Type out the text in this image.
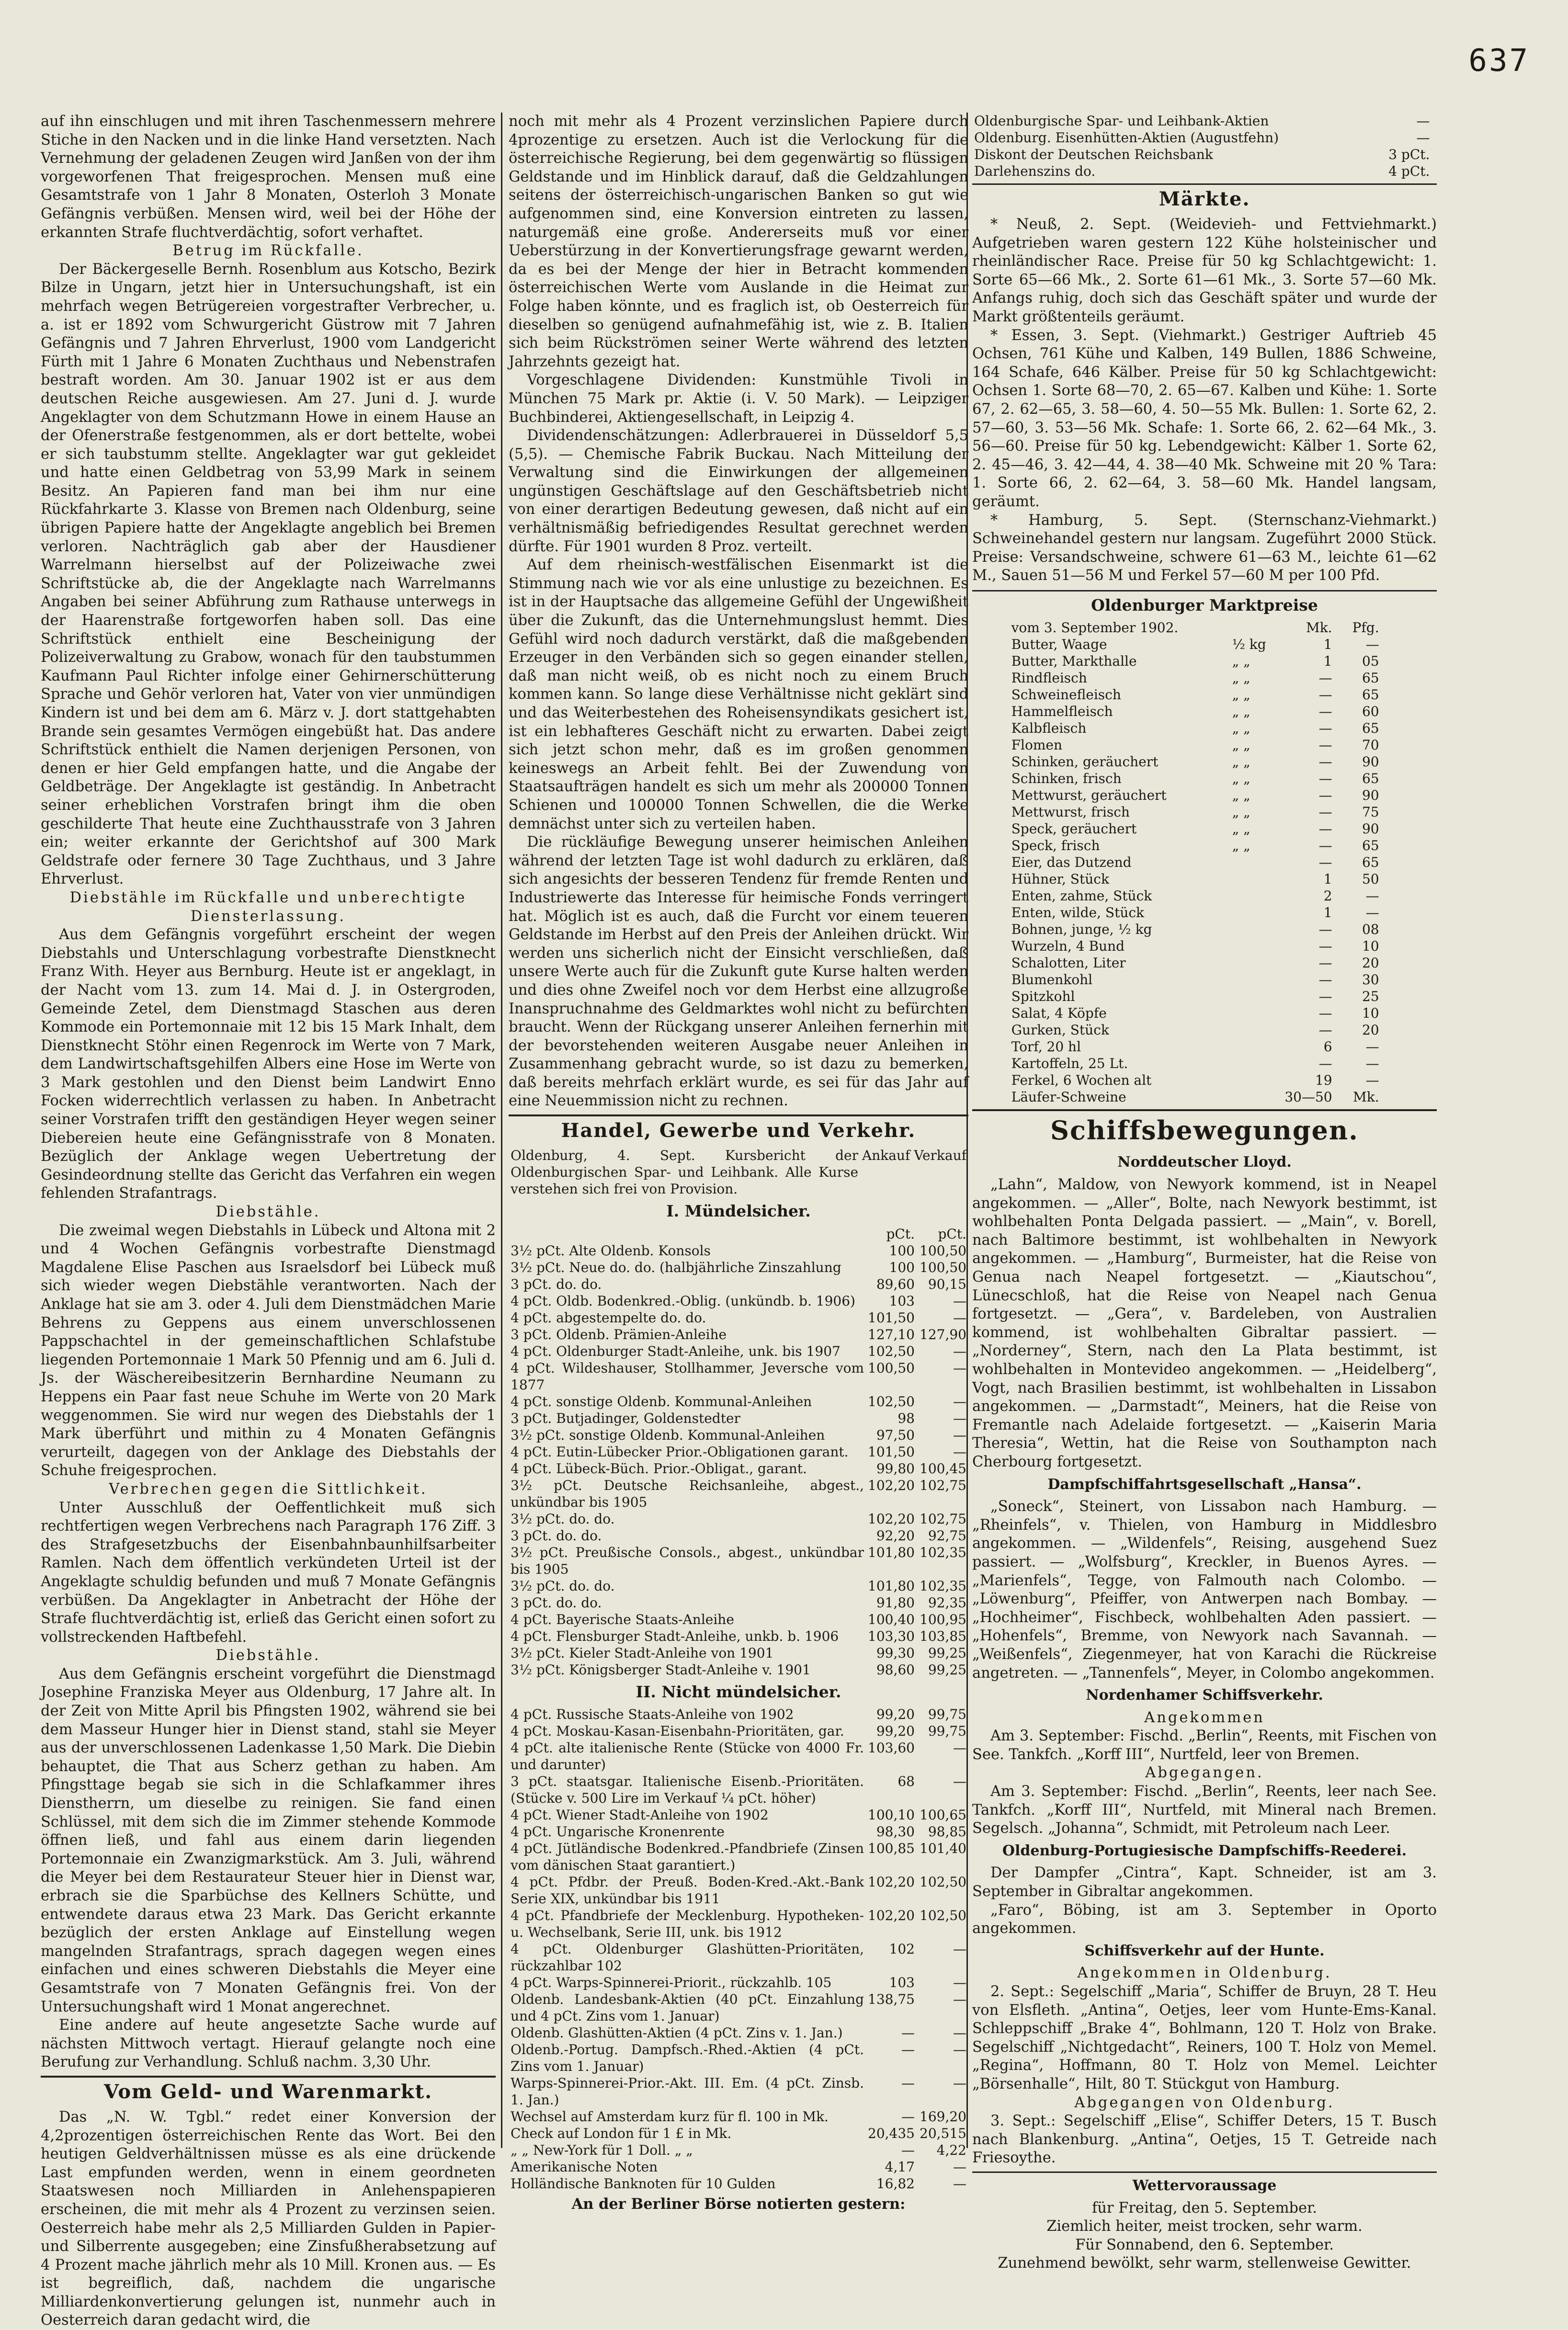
637

auf ihn einschlugen und mit ihren Taschenmessern mehrere Stiche in den Nacken und in die linke Hand versetzten. Nach Vernehmung der geladenen Zeugen wird Janßen von der ihm vorgeworfenen That freigesprochen. Mensen muß eine Gesamtstrafe von 1 Jahr 8 Monaten, Osterloh 3 Monate Gefängnis verbüßen. Mensen wird, weil bei der Höhe der erkannten Strafe fluchtverdächtig, sofort verhaftet.

Betrug im Rückfalle.

Der Bäckergeselle Bernh. Rosenblum aus Kotscho, Bezirk Bilze in Ungarn, jetzt hier in Untersuchungshaft, ist ein mehrfach wegen Betrügereien vorgestrafter Verbrecher, u. a. ist er 1892 vom Schwurgericht Güstrow mit 7 Jahren Gefängnis und 7 Jahren Ehrverlust, 1900 vom Landgericht Fürth mit 1 Jahre 6 Monaten Zuchthaus und Nebenstrafen bestraft worden. Am 30. Januar 1902 ist er aus dem deutschen Reiche ausgewiesen. Am 27. Juni d. J. wurde Angeklagter von dem Schutzmann Howe in einem Hause an der Ofenerstraße festgenommen, als er dort bettelte, wobei er sich taubstumm stellte. Angeklagter war gut gekleidet und hatte einen Geldbetrag von 53,99 Mark in seinem Besitz. An Papieren fand man bei ihm nur eine Rückfahrkarte 3. Klasse von Bremen nach Oldenburg, seine übrigen Papiere hatte der Angeklagte angeblich bei Bremen verloren. Nachträglich gab aber der Hausdiener Warrelmann hierselbst auf der Polizeiwache zwei Schriftstücke ab, die der Angeklagte nach Warrelmanns Angaben bei seiner Abführung zum Rathause unterwegs in der Haarenstraße fortgeworfen haben soll. Das eine Schriftstück enthielt eine Bescheinigung der Polizeiverwaltung zu Grabow, wonach für den taubstummen Kaufmann Paul Richter infolge einer Gehirnerschütterung Sprache und Gehör verloren hat, Vater von vier unmündigen Kindern ist und bei dem am 6. März v. J. dort stattgehabten Brande sein gesamtes Vermögen eingebüßt hat. Das andere Schriftstück enthielt die Namen derjenigen Personen, von denen er hier Geld empfangen hatte, und die Angabe der Geldbeträge. Der Angeklagte ist geständig. In Anbetracht seiner erheblichen Vorstrafen bringt ihm die oben geschilderte That heute eine Zuchthausstrafe von 3 Jahren ein; weiter erkannte der Gerichtshof auf 300 Mark Geldstrafe oder fernere 30 Tage Zuchthaus, und 3 Jahre Ehrverlust.

Diebstähle im Rückfalle und unberechtigte Diensterlassung.

Aus dem Gefängnis vorgeführt erscheint der wegen Diebstahls und Unterschlagung vorbestrafte Dienstknecht Franz With. Heyer aus Bernburg. Heute ist er angeklagt, in der Nacht vom 13. zum 14. Mai d. J. in Ostergroden, Gemeinde Zetel, dem Dienstmagd Staschen aus deren Kommode ein Portemonnaie mit 12 bis 15 Mark Inhalt, dem Dienstknecht Stöhr einen Regenrock im Werte von 7 Mark, dem Landwirtschaftsgehilfen Albers eine Hose im Werte von 3 Mark gestohlen und den Dienst beim Landwirt Enno Focken widerrechtlich verlassen zu haben. In Anbetracht seiner Vorstrafen trifft den geständigen Heyer wegen seiner Diebereien heute eine Gefängnisstrafe von 8 Monaten. Bezüglich der Anklage wegen Uebertretung der Gesindeordnung stellte das Gericht das Verfahren ein wegen fehlenden Strafantrags.

Diebstähle.

Die zweimal wegen Diebstahls in Lübeck und Altona mit 2 und 4 Wochen Gefängnis vorbestrafte Dienstmagd Magdalene Elise Paschen aus Israelsdorf bei Lübeck muß sich wieder wegen Diebstähle verantworten. Nach der Anklage hat sie am 3. oder 4. Juli dem Dienstmädchen Marie Behrens zu Geppens aus einem unverschlossenen Pappschachtel in der gemeinschaftlichen Schlafstube liegenden Portemonnaie 1 Mark 50 Pfennig und am 6. Juli d. Js. der Wäschereibesitzerin Bernhardine Neumann zu Heppens ein Paar fast neue Schuhe im Werte von 20 Mark weggenommen. Sie wird nur wegen des Diebstahls der 1 Mark überführt und mithin zu 4 Monaten Gefängnis verurteilt, dagegen von der Anklage des Diebstahls der Schuhe freigesprochen.

Verbrechen gegen die Sittlichkeit.

Unter Ausschluß der Oeffentlichkeit muß sich rechtfertigen wegen Verbrechens nach Paragraph 176 Ziff. 3 des Strafgesetzbuchs der Eisenbahnbaunhilfsarbeiter Ramlen. Nach dem öffentlich verkündeten Urteil ist der Angeklagte schuldig befunden und muß 7 Monate Gefängnis verbüßen. Da Angeklagter in Anbetracht der Höhe der Strafe fluchtverdächtig ist, erließ das Gericht einen sofort zu vollstreckenden Haftbefehl.

Diebstähle.

Aus dem Gefängnis erscheint vorgeführt die Dienstmagd Josephine Franziska Meyer aus Oldenburg, 17 Jahre alt. In der Zeit von Mitte April bis Pfingsten 1902, während sie bei dem Masseur Hunger hier in Dienst stand, stahl sie Meyer aus der unverschlossenen Ladenkasse 1,50 Mark. Die Diebin behauptet, die That aus Scherz gethan zu haben. Am Pfingsttage begab sie sich in die Schlafkammer ihres Dienstherrn, um dieselbe zu reinigen. Sie fand einen Schlüssel, mit dem sich die im Zimmer stehende Kommode öffnen ließ, und fahl aus einem darin liegenden Portemonnaie ein Zwanzigmarkstück. Am 3. Juli, während die Meyer bei dem Restaurateur Steuer hier in Dienst war, erbrach sie die Sparbüchse des Kellners Schütte, und entwendete daraus etwa 23 Mark. Das Gericht erkannte bezüglich der ersten Anklage auf Einstellung wegen mangelnden Strafantrags, sprach dagegen wegen eines einfachen und eines schweren Diebstahls die Meyer eine Gesamtstrafe von 7 Monaten Gefängnis frei. Von der Untersuchungshaft wird 1 Monat angerechnet.

Eine andere auf heute angesetzte Sache wurde auf nächsten Mittwoch vertagt. Hierauf gelangte noch eine Berufung zur Verhandlung. Schluß nachm. 3,30 Uhr.

Vom Geld- und Warenmarkt.

Das „N. W. Tgbl.“ redet einer Konversion der 4,2prozentigen österreichischen Rente das Wort. Bei den heutigen Geldverhältnissen müsse es als eine drückende Last empfunden werden, wenn in einem geordneten Staatswesen noch Milliarden in Anlehenspapieren erscheinen, die mit mehr als 4 Prozent zu verzinsen seien. Oesterreich habe mehr als 2,5 Milliarden Gulden in Papier- und Silberrente ausgegeben; eine Zinsfußherabsetzung auf 4 Prozent mache jährlich mehr als 10 Mill. Kronen aus. — Es ist begreiflich, daß, nachdem die ungarische Milliardenkonvertierung gelungen ist, nunmehr auch in Oesterreich daran gedacht wird, die

noch mit mehr als 4 Prozent verzinslichen Papiere durch 4prozentige zu ersetzen. Auch ist die Verlockung für die österreichische Regierung, bei dem gegenwärtig so flüssigen Geldstande und im Hinblick darauf, daß die Geldzahlungen seitens der österreichisch-ungarischen Banken so gut wie aufgenommen sind, eine Konversion eintreten zu lassen, naturgemäß eine große. Andererseits muß vor einer Ueberstürzung in der Konvertierungsfrage gewarnt werden, da es bei der Menge der hier in Betracht kommenden österreichischen Werte vom Auslande in die Heimat zur Folge haben könnte, und es fraglich ist, ob Oesterreich für dieselben so genügend aufnahmefähig ist, wie z. B. Italien sich beim Rückströmen seiner Werte während des letzten Jahrzehnts gezeigt hat.

Vorgeschlagene Dividenden: Kunstmühle Tivoli in München 75 Mark pr. Aktie (i. V. 50 Mark). — Leipziger Buchbinderei, Aktiengesellschaft, in Leipzig 4.

Dividendenschätzungen: Adlerbrauerei in Düsseldorf 5,5 (5,5). — Chemische Fabrik Buckau. Nach Mitteilung der Verwaltung sind die Einwirkungen der allgemeinen ungünstigen Geschäftslage auf den Geschäftsbetrieb nicht von einer derartigen Bedeutung gewesen, daß nicht auf ein verhältnismäßig befriedigendes Resultat gerechnet werden dürfte. Für 1901 wurden 8 Proz. verteilt.

Auf dem rheinisch-westfälischen Eisenmarkt ist die Stimmung nach wie vor als eine unlustige zu bezeichnen. Es ist in der Hauptsache das allgemeine Gefühl der Ungewißheit über die Zukunft, das die Unternehmungslust hemmt. Dies Gefühl wird noch dadurch verstärkt, daß die maßgebenden Erzeuger in den Verbänden sich so gegen einander stellen, daß man nicht weiß, ob es nicht noch zu einem Bruch kommen kann. So lange diese Verhältnisse nicht geklärt sind und das Weiterbestehen des Roheisensyndikats gesichert ist, ist ein lebhafteres Geschäft nicht zu erwarten. Dabei zeigt sich jetzt schon mehr, daß es im großen genommen keineswegs an Arbeit fehlt. Bei der Zuwendung von Staatsaufträgen handelt es sich um mehr als 200000 Tonnen Schienen und 100000 Tonnen Schwellen, die die Werke demnächst unter sich zu verteilen haben.

Die rückläufige Bewegung unserer heimischen Anleihen während der letzten Tage ist wohl dadurch zu erklären, daß sich angesichts der besseren Tendenz für fremde Renten und Industriewerte das Interesse für heimische Fonds verringert hat. Möglich ist es auch, daß die Furcht vor einem teueren Geldstande im Herbst auf den Preis der Anleihen drückt. Wir werden uns sicherlich nicht der Einsicht verschließen, daß unsere Werte auch für die Zukunft gute Kurse halten werden und dies ohne Zweifel noch vor dem Herbst eine allzugroße Inanspruchnahme des Geldmarktes wohl nicht zu befürchten braucht. Wenn der Rückgang unserer Anleihen fernerhin mit der bevorstehenden weiteren Ausgabe neuer Anleihen in Zusammenhang gebracht wurde, so ist dazu zu bemerken, daß bereits mehrfach erklärt wurde, es sei für das Jahr auf eine Neuemmission nicht zu rechnen.

Handel, Gewerbe und Verkehr.
Oldenburg, 4. Sept. Kursbericht der Oldenburgischen Spar- und Leihbank. Alle Kurse verstehen sich frei von Provision.	Ankauf	Verkauf
I. Mündelsicher.
	pCt.	pCt.
3½ pCt. Alte Oldenb. Konsols	100	100,50
3½ pCt. Neue do. do. (halbjährliche Zinszahlung	100	100,50
3 pCt. do. do.	89,60	90,15
4 pCt. Oldb. Bodenkred.-Oblig. (unkündb. b. 1906)	103	—
4 pCt. abgestempelte do. do.	101,50	—
3 pCt. Oldenb. Prämien-Anleihe	127,10	127,90
4 pCt. Oldenburger Stadt-Anleihe, unk. bis 1907	102,50	—
4 pCt. Wildeshauser, Stollhammer, Jeversche vom 1877	100,50	—
4 pCt. sonstige Oldenb. Kommunal-Anleihen	102,50	—
3 pCt. Butjadinger, Goldenstedter	98	—
3½ pCt. sonstige Oldenb. Kommunal-Anleihen	97,50	—
4 pCt. Eutin-Lübecker Prior.-Obligationen garant.	101,50	—
4 pCt. Lübeck-Büch. Prior.-Obligat., garant.	99,80	100,45
3½ pCt. Deutsche Reichsanleihe, abgest., unkündbar bis 1905	102,20	102,75
3½ pCt. do. do.	102,20	102,75
3 pCt. do. do.	92,20	92,75
3½ pCt. Preußische Consols., abgest., unkündbar bis 1905	101,80	102,35
3½ pCt. do. do.	101,80	102,35
3 pCt. do. do.	91,80	92,35
4 pCt. Bayerische Staats-Anleihe	100,40	100,95
4 pCt. Flensburger Stadt-Anleihe, unkb. b. 1906	103,30	103,85
3½ pCt. Kieler Stadt-Anleihe von 1901	99,30	99,25
3½ pCt. Königsberger Stadt-Anleihe v. 1901	98,60	99,25
II. Nicht mündelsicher.
4 pCt. Russische Staats-Anleihe von 1902	99,20	99,75
4 pCt. Moskau-Kasan-Eisenbahn-Prioritäten, gar.	99,20	99,75
4 pCt. alte italienische Rente (Stücke von 4000 Fr. und darunter)	103,60	—
3 pCt. staatsgar. Italienische Eisenb.-Prioritäten. (Stücke v. 500 Lire im Verkauf ¼ pCt. höher)	68	—
4 pCt. Wiener Stadt-Anleihe von 1902	100,10	100,65
4 pCt. Ungarische Kronenrente	98,30	98,85
4 pCt. Jütländische Bodenkred.-Pfandbriefe (Zinsen vom dänischen Staat garantiert.)	100,85	101,40
4 pCt. Pfdbr. der Preuß. Boden-Kred.-Akt.-Bank Serie XIX, unkündbar bis 1911	102,20	102,50
4 pCt. Pfandbriefe der Mecklenburg. Hypotheken- u. Wechselbank, Serie III, unk. bis 1912	102,20	102,50
4 pCt. Oldenburger Glashütten-Prioritäten, rückzahlbar 102	102	—
4 pCt. Warps-Spinnerei-Priorit., rückzahlb. 105	103	—
Oldenb. Landesbank-Aktien (40 pCt. Einzahlung und 4 pCt. Zins vom 1. Januar)	138,75	—
Oldenb. Glashütten-Aktien (4 pCt. Zins v. 1. Jan.)	—	—
Oldenb.-Portug. Dampfsch.-Rhed.-Aktien (4 pCt. Zins vom 1. Januar)	—	—
Warps-Spinnerei-Prior.-Akt. III. Em. (4 pCt. Zinsb. 1. Jan.)	—	—
Wechsel auf Amsterdam kurz für fl. 100 in Mk.	—	169,20
Check auf London für 1 £ in Mk.	20,435	20,515
„ „ New-York für 1 Doll. „ „	—	4,22
Amerikanische Noten	4,17	—
Holländische Banknoten für 10 Gulden	16,82	—
An der Berliner Börse notierten gestern:
Oldenburgische Spar- und Leihbank-Aktien	—	
Oldenburg. Eisenhütten-Aktien (Augustfehn)	—	
Diskont der Deutschen Reichsbank	3 pCt.	
Darlehenszins do.	4 pCt.	
Märkte.

* Neuß, 2. Sept. (Weidevieh- und Fettviehmarkt.) Aufgetrieben waren gestern 122 Kühe holsteinischer und rheinländischer Race. Preise für 50 kg Schlachtgewicht: 1. Sorte 65—66 Mk., 2. Sorte 61—61 Mk., 3. Sorte 57—60 Mk. Anfangs ruhig, doch sich das Geschäft später und wurde der Markt größtenteils geräumt.

* Essen, 3. Sept. (Viehmarkt.) Gestriger Auftrieb 45 Ochsen, 761 Kühe und Kalben, 149 Bullen, 1886 Schweine, 164 Schafe, 646 Kälber. Preise für 50 kg Schlachtgewicht: Ochsen 1. Sorte 68—70, 2. 65—67. Kalben und Kühe: 1. Sorte 67, 2. 62—65, 3. 58—60, 4. 50—55 Mk. Bullen: 1. Sorte 62, 2. 57—60, 3. 53—56 Mk. Schafe: 1. Sorte 66, 2. 62—64 Mk., 3. 56—60. Preise für 50 kg. Lebendgewicht: Kälber 1. Sorte 62, 2. 45—46, 3. 42—44, 4. 38—40 Mk. Schweine mit 20 % Tara: 1. Sorte 66, 2. 62—64, 3. 58—60 Mk. Handel langsam, geräumt.

* Hamburg, 5. Sept. (Sternschanz-Viehmarkt.) Schweinehandel gestern nur langsam. Zugeführt 2000 Stück. Preise: Versandschweine, schwere 61—63 M., leichte 61—62 M., Sauen 51—56 M und Ferkel 57—60 M per 100 Pfd.

Oldenburger Marktpreise
vom 3. September 1902.		Mk.	Pfg.
Butter, Waage	½ kg	1	—
Butter, Markthalle	„ „	1	05
Rindfleisch	„ „	—	65
Schweinefleisch	„ „	—	65
Hammelfleisch	„ „	—	60
Kalbfleisch	„ „	—	65
Flomen	„ „	—	70
Schinken, geräuchert	„ „	—	90
Schinken, frisch	„ „	—	65
Mettwurst, geräuchert	„ „	—	90
Mettwurst, frisch	„ „	—	75
Speck, geräuchert	„ „	—	90
Speck, frisch	„ „	—	65
Eier, das Dutzend		—	65
Hühner, Stück		1	50
Enten, zahme, Stück		2	—
Enten, wilde, Stück		1	—
Bohnen, junge, ½ kg		—	08
Wurzeln, 4 Bund		—	10
Schalotten, Liter		—	20
Blumenkohl		—	30
Spitzkohl		—	25
Salat, 4 Köpfe		—	10
Gurken, Stück		—	20
Torf, 20 hl		6	—
Kartoffeln, 25 Lt.		—	—
Ferkel, 6 Wochen alt		19	—
Läufer-Schweine		30—50	Mk.
Schiffsbewegungen.
Norddeutscher Lloyd.

„Lahn“, Maldow, von Newyork kommend, ist in Neapel angekommen. — „Aller“, Bolte, nach Newyork bestimmt, ist wohlbehalten Ponta Delgada passiert. — „Main“, v. Borell, nach Baltimore bestimmt, ist wohlbehalten in Newyork angekommen. — „Hamburg“, Burmeister, hat die Reise von Genua nach Neapel fortgesetzt. — „Kiautschou“, Lünecschloß, hat die Reise von Neapel nach Genua fortgesetzt. — „Gera“, v. Bardeleben, von Australien kommend, ist wohlbehalten Gibraltar passiert. — „Norderney“, Stern, nach den La Plata bestimmt, ist wohlbehalten in Montevideo angekommen. — „Heidelberg“, Vogt, nach Brasilien bestimmt, ist wohlbehalten in Lissabon angekommen. — „Darmstadt“, Meiners, hat die Reise von Fremantle nach Adelaide fortgesetzt. — „Kaiserin Maria Theresia“, Wettin, hat die Reise von Southampton nach Cherbourg fortgesetzt.

Dampfschiffahrtsgesellschaft „Hansa“.

„Soneck“, Steinert, von Lissabon nach Hamburg. — „Rheinfels“, v. Thielen, von Hamburg in Middlesbro angekommen. — „Wildenfels“, Reising, ausgehend Suez passiert. — „Wolfsburg“, Kreckler, in Buenos Ayres. — „Marienfels“, Tegge, von Falmouth nach Colombo. — „Löwenburg“, Pfeiffer, von Antwerpen nach Bombay. — „Hochheimer“, Fischbeck, wohlbehalten Aden passiert. — „Hohenfels“, Bremme, von Newyork nach Savannah. — „Weißenfels“, Ziegenmeyer, hat von Karachi die Rückreise angetreten. — „Tannenfels“, Meyer, in Colombo angekommen.

Nordenhamer Schiffsverkehr.

Angekommen

Am 3. September: Fischd. „Berlin“, Reents, mit Fischen von See. Tankfch. „Korff III“, Nurtfeld, leer von Bremen.

Abgegangen.

Am 3. September: Fischd. „Berlin“, Reents, leer nach See. Tankfch. „Korff III“, Nurtfeld, mit Mineral nach Bremen. Segelsch. „Johanna“, Schmidt, mit Petroleum nach Leer.

Oldenburg-Portugiesische Dampfschiffs-Reederei.

Der Dampfer „Cintra“, Kapt. Schneider, ist am 3. September in Gibraltar angekommen.

„Faro“, Böbing, ist am 3. September in Oporto angekommen.

Schiffsverkehr auf der Hunte.

Angekommen in Oldenburg.

2. Sept.: Segelschiff „Maria“, Schiffer de Bruyn, 28 T. Heu von Elsfleth. „Antina“, Oetjes, leer vom Hunte-Ems-Kanal. Schleppschiff „Brake 4“, Bohlmann, 120 T. Holz von Brake. Segelschiff „Nichtgedacht“, Reiners, 100 T. Holz von Memel. „Regina“, Hoffmann, 80 T. Holz von Memel. Leichter „Börsenhalle“, Hilt, 80 T. Stückgut von Hamburg.

Abgegangen von Oldenburg.

3. Sept.: Segelschiff „Elise“, Schiffer Deters, 15 T. Busch nach Blankenburg. „Antina“, Oetjes, 15 T. Getreide nach Friesoythe.

Wettervoraussage

für Freitag, den 5. September.

Ziemlich heiter, meist trocken, sehr warm.

Für Sonnabend, den 6. September.

Zunehmend bewölkt, sehr warm, stellenweise Gewitter.
